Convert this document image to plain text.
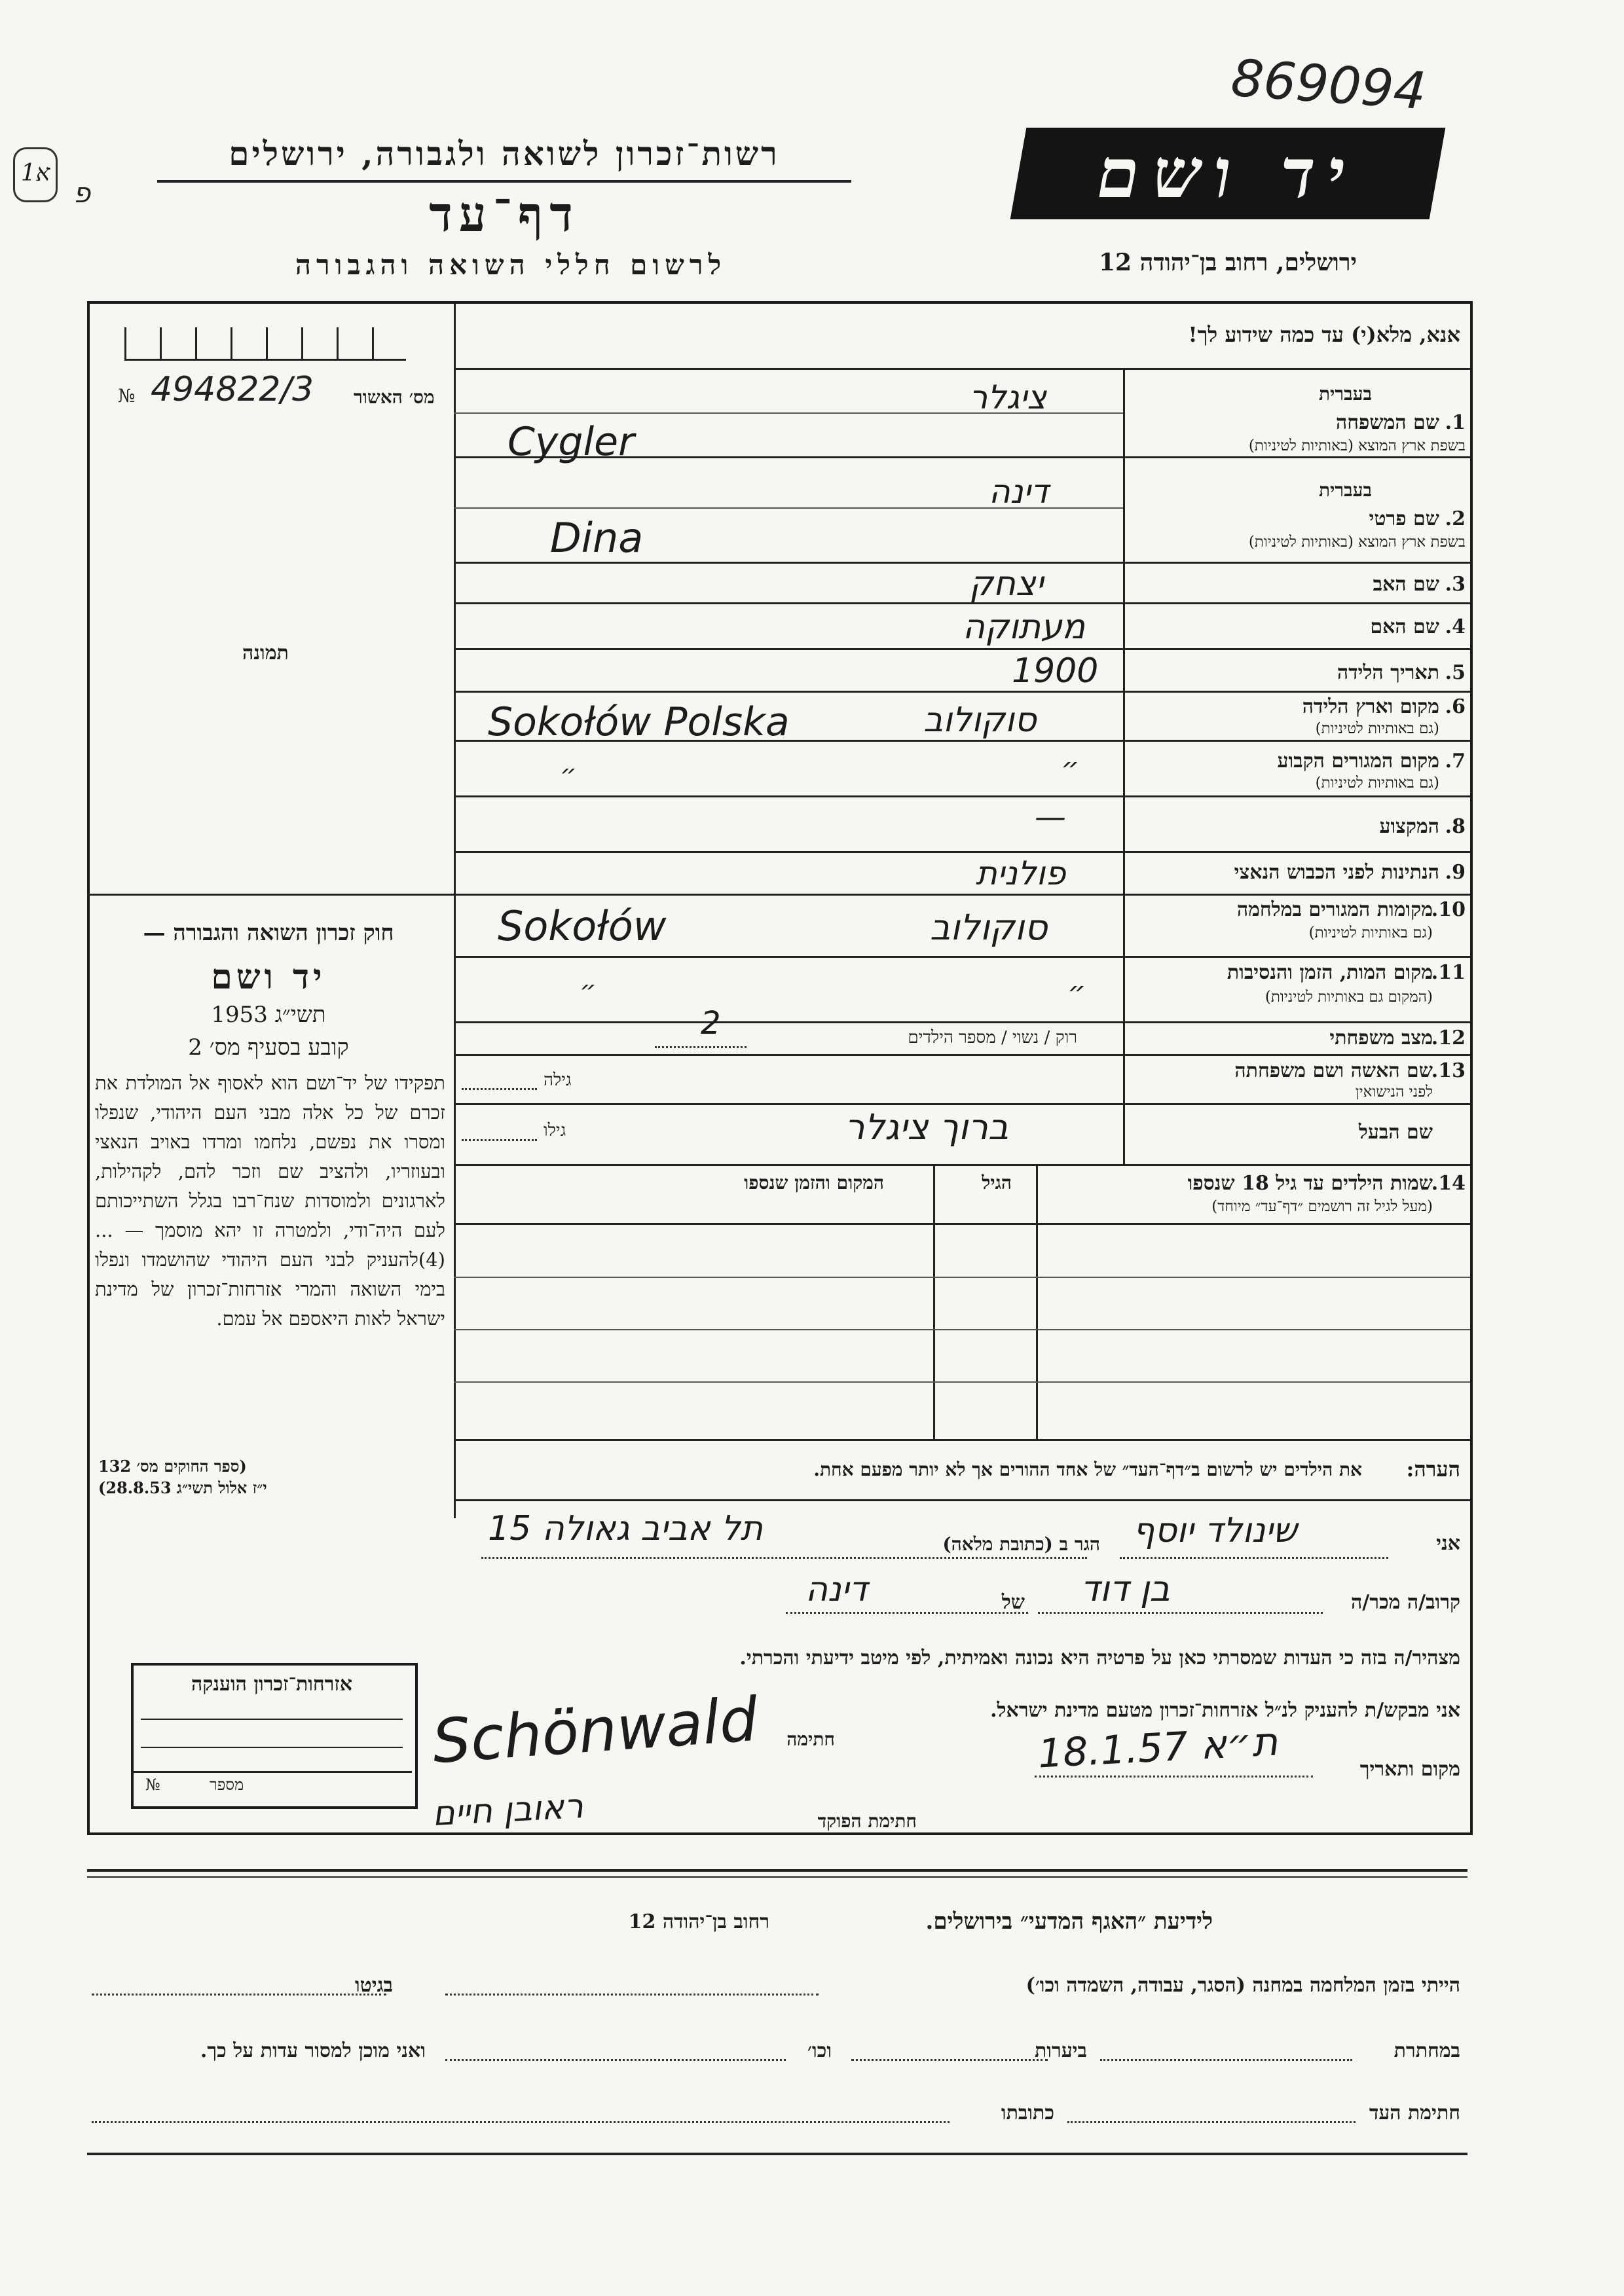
869094
1א
פ
רשות־זכרון לשואה ולגבורה, ירושלים
דף־עד
לרשום חללי השואה והגבורה
יד ושם
ירושלים, רחוב בן־יהודה 12
אנא, מלא(י) עד כמה שידוע לך!
№ 494822/3 מס׳ האשור
תמונה
חוק זכרון השואה והגבורה —
יד ושם
תשי״ג 1953
קובע בסעיף מס׳ 2
תפקידו של יד־ושם הוא לאסוף אל המולדת את זכרם של כל אלה מבני העם היהודי, שנפלו ומסרו את נפשם, נלחמו ומרדו באויב הנאצי ובעוזריו, ולהציב שם וזכר להם, לקהילות, לארגונים ולמוסדות שנח־רבו בגלל השתייכותם לעם היה־ודי, ולמטרה זו יהא מוסמך — ...(4)להעניק לבני העם היהודי שהושמדו ונפלו בימי השואה והמרי אזרחות־זכרון של מדינת ישראל לאות היאספם אל עמם.
(ספר החוקים מס׳ 132
י״ז אלול תשי״ג 28.8.53)
1.
שם המשפחה
בעברית
בשפת ארץ המוצא (באותיות לטיניות)
ציגלר
Cygler
2.
שם פרטי
בעברית
בשפת ארץ המוצא (באותיות לטיניות)
דינה
Dina
3.
שם האב
יצחק
4.
שם האם
מעתוקה
5.
תאריך הלידה
1900
6.
מקום וארץ הלידה
(גם באותיות לטיניות)
סוקולוב
Sokołów Polska
7.
מקום המגורים הקבוע
(גם באותיות לטיניות)
״
״
8.
המקצוע
—
9.
הנתינות לפני הכבוש הנאצי
פולנית
10.
מקומות המגורים במלחמה
(גם באותיות לטיניות)
סוקולוב
Sokołów
11.
מקום המות, הזמן והנסיבות
(המקום גם באותיות לטיניות)
״
״
12.
מצב משפחתי
רוק / נשוי / מספר הילדים
2
13.
שם האשה ושם משפחתה
לפני הנישואין
גילה
שם הבעל
ברוך ציגלר
גילו
14.
שמות הילדים עד גיל 18 שנספו
(מעל לגיל זה רושמים ״דף־עד״ מיוחד)
הגיל
המקום והזמן שנספו
הערה:
את הילדים יש לרשום ב״דף־העד״ של אחד ההורים אך לא יותר מפעם אחת.
אני
שינולד יוסף
הגר ב (כתובת מלאה)
תל אביב גאולה 15
קרוב/ה מכר/ה
בן דוד
של
דינה
מצהיר/ה בזה כי העדות שמסרתי כאן על פרטיה היא נכונה ואמיתית, לפי מיטב ידיעתי והכרתי.
אני מבקש/ת להעניק לנ״ל אזרחות־זכרון מטעם מדינת ישראל.
מקום ותאריך
ת״א 18.1.57
חתימה
Schönwald
חתימת הפוקד
ראובן חיים
אזרחות־זכרון הוענקה
מספר
№
לידיעת ״האגף המדעי״ בירושלים.
רחוב בן־יהודה 12
הייתי בזמן המלחמה במחנה (הסגר, עבודה, השמדה וכו׳)
בגיטו
במחתרת
ביערות
וכו׳
ואני מוכן למסור עדות על כך.
חתימת העד
כתובתו
